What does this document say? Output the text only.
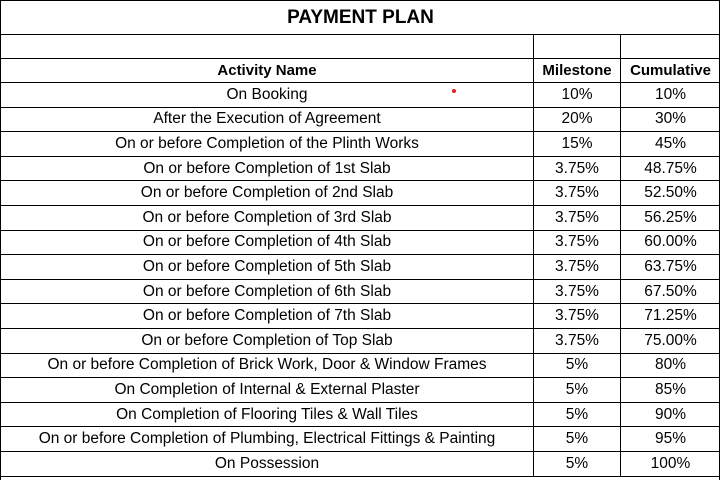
PAYMENT PLAN		

Activity Name	Milestone	Cumulative
On Booking	10%	10%
After the Execution of Agreement	20%	30%
On or before Completion of the Plinth Works	15%	45%
On or before Completion of 1st Slab	3.75%	48.75%
On or before Completion of 2nd Slab	3.75%	52.50%
On or before Completion of 3rd Slab	3.75%	56.25%
On or before Completion of 4th Slab	3.75%	60.00%
On or before Completion of 5th Slab	3.75%	63.75%
On or before Completion of 6th Slab	3.75%	67.50%
On or before Completion of 7th Slab	3.75%	71.25%
On or before Completion of Top Slab	3.75%	75.00%
On or before Completion of Brick Work, Door & Window Frames	5%	80%
On Completion of Internal & External Plaster	5%	85%
On Completion of Flooring Tiles & Wall Tiles	5%	90%
On or before Completion of Plumbing, Electrical Fittings & Painting	5%	95%
On Possession	5%	100%
